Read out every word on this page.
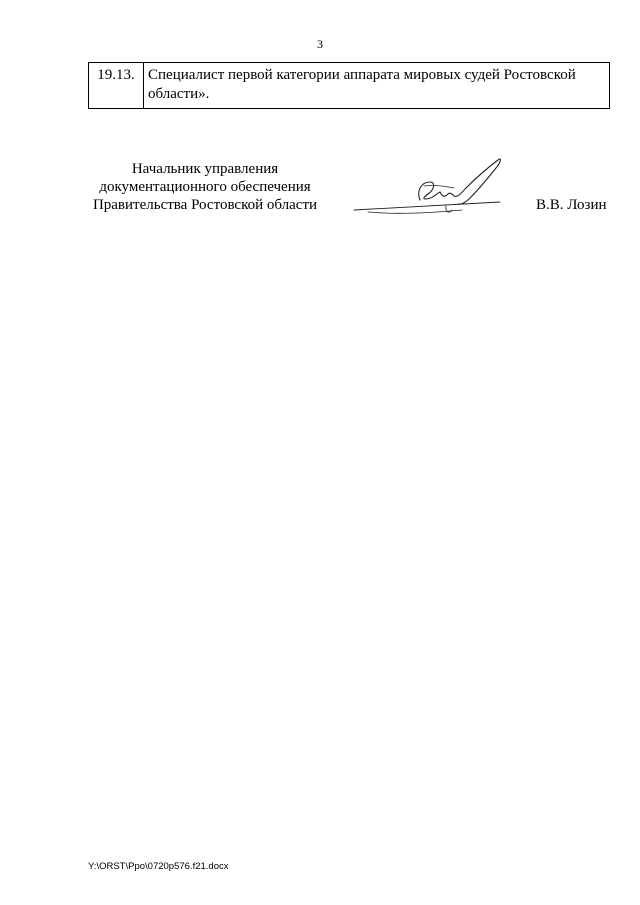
3
19.13.	Специалист первой категории аппарата мировых судей Ростовской области».
Начальник управления
документационного обеспечения
Правительства Ростовской области	В.В. Лозин
Y:\ORST\Ppo\0720p576.f21.docx
